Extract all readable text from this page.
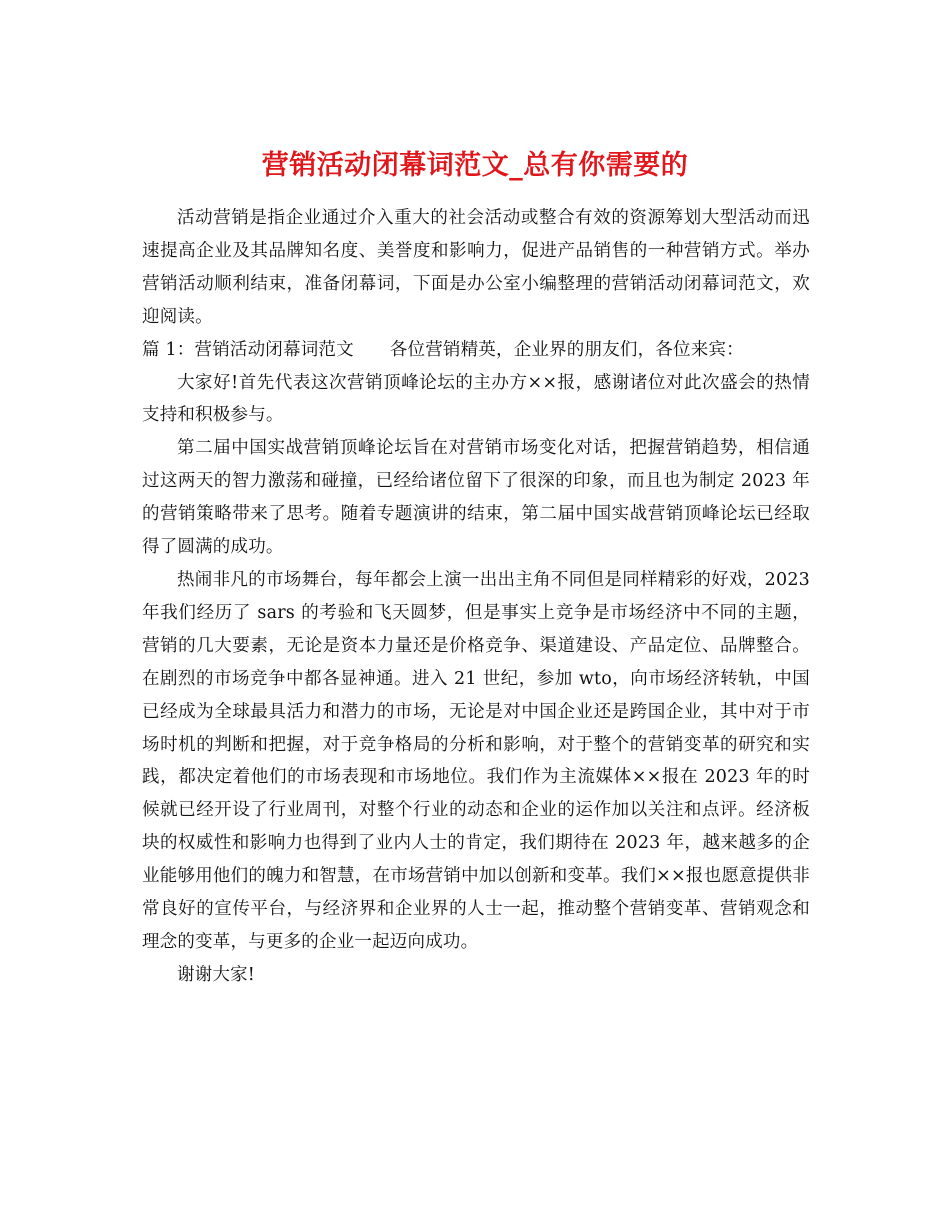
营销活动闭幕词范文_总有你需要的

活动营销是指企业通过介入重大的社会活动或整合有效的资源筹划大型活动而迅速提高企业及其品牌知名度、美誉度和影响力，促进产品销售的一种营销方式。举办营销活动顺利结束，准备闭幕词，下面是办公室小编整理的营销活动闭幕词范文，欢迎阅读。

篇 1：营销活动闭幕词范文 各位营销精英，企业界的朋友们，各位来宾：

大家好!首先代表这次营销顶峰论坛的主办方××报，感谢诸位对此次盛会的热情支持和积极参与。

第二届中国实战营销顶峰论坛旨在对营销市场变化对话，把握营销趋势，相信通过这两天的智力激荡和碰撞，已经给诸位留下了很深的印象，而且也为制定 2023 年的营销策略带来了思考。随着专题演讲的结束，第二届中国实战营销顶峰论坛已经取得了圆满的成功。

热闹非凡的市场舞台，每年都会上演一出出主角不同但是同样精彩的好戏，2023 年我们经历了 sars 的考验和飞天圆梦，但是事实上竞争是市场经济中不同的主题，营销的几大要素，无论是资本力量还是价格竞争、渠道建设、产品定位、品牌整合。在剧烈的市场竞争中都各显神通。进入 21 世纪，参加 wto，向市场经济转轨，中国已经成为全球最具活力和潜力的市场，无论是对中国企业还是跨国企业，其中对于市场时机的判断和把握，对于竞争格局的分析和影响，对于整个的营销变革的研究和实践，都决定着他们的市场表现和市场地位。我们作为主流媒体××报在 2023 年的时候就已经开设了行业周刊，对整个行业的动态和企业的运作加以关注和点评。经济板块的权威性和影响力也得到了业内人士的肯定，我们期待在 2023 年，越来越多的企业能够用他们的魄力和智慧，在市场营销中加以创新和变革。我们××报也愿意提供非常良好的宣传平台，与经济界和企业界的人士一起，推动整个营销变革、营销观念和理念的变革，与更多的企业一起迈向成功。

谢谢大家!
